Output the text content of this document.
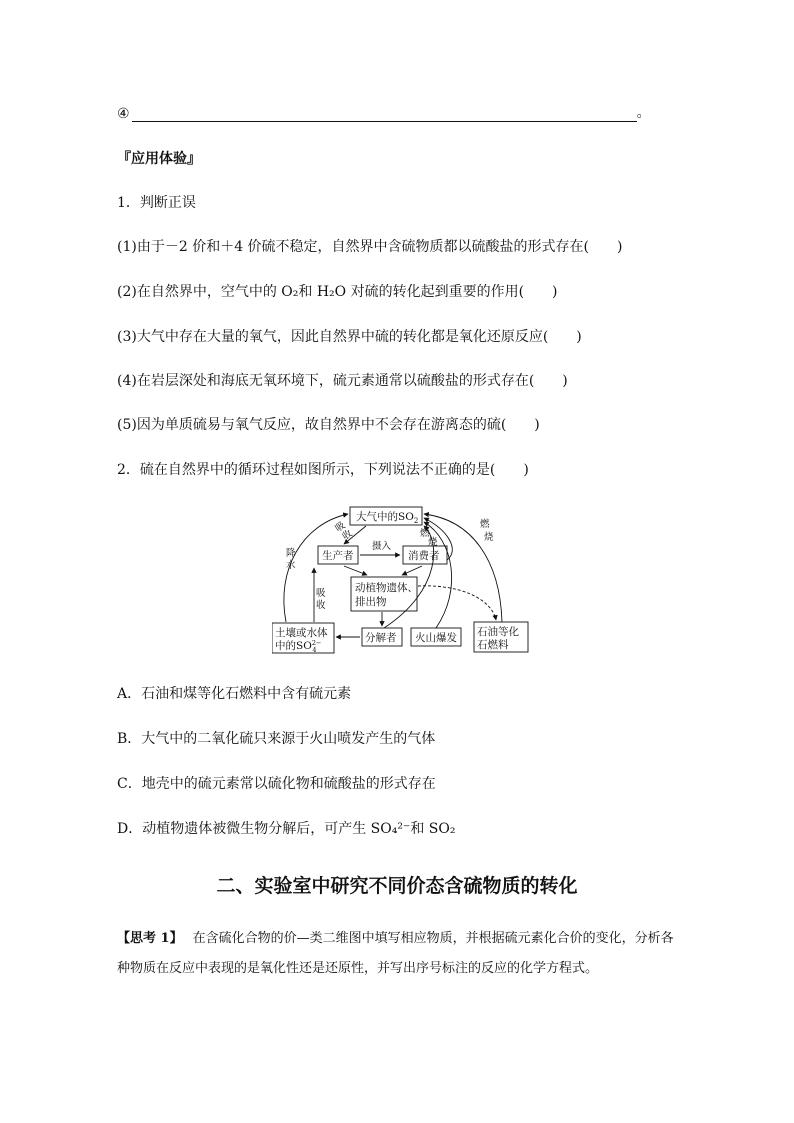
④	。
『应用体验』
1．判断正误
(1)由于－2 价和＋4 价硫不稳定，自然界中含硫物质都以硫酸盐的形式存在(　　)
(2)在自然界中，空气中的 O₂和 H₂O 对硫的转化起到重要的作用(　　)
(3)大气中存在大量的氧气，因此自然界中硫的转化都是氧化还原反应(　　)
(4)在岩层深处和海底无氧环境下，硫元素通常以硫酸盐的形式存在(　　)
(5)因为单质硫易与氧气反应，故自然界中不会存在游离态的硫(　　)
2．硫在自然界中的循环过程如图所示，下列说法不正确的是(　　)
大气中的$SO_2$
生产者	消费者
摄入
动植物遗体、
排出物
分解者 火山爆发 石油等化
石燃料
土壤或水体
中的$SO^{2-}$ 4
降
水
吸
收
吸
收	燃
烧
燃
烧
A．石油和煤等化石燃料中含有硫元素
B．大气中的二氧化硫只来源于火山喷发产生的气体
C．地壳中的硫元素常以硫化物和硫酸盐的形式存在
D．动植物遗体被微生物分解后，可产生 SO₄²⁻和 SO₂
二、实验室中研究不同价态含硫物质的转化
【思考 1】 在含硫化合物的价—类二维图中填写相应物质，并根据硫元素化合价的变化，分析各种物质在反应中表现的是氧化性还是还原性，并写出序号标注的反应的化学方程式。
